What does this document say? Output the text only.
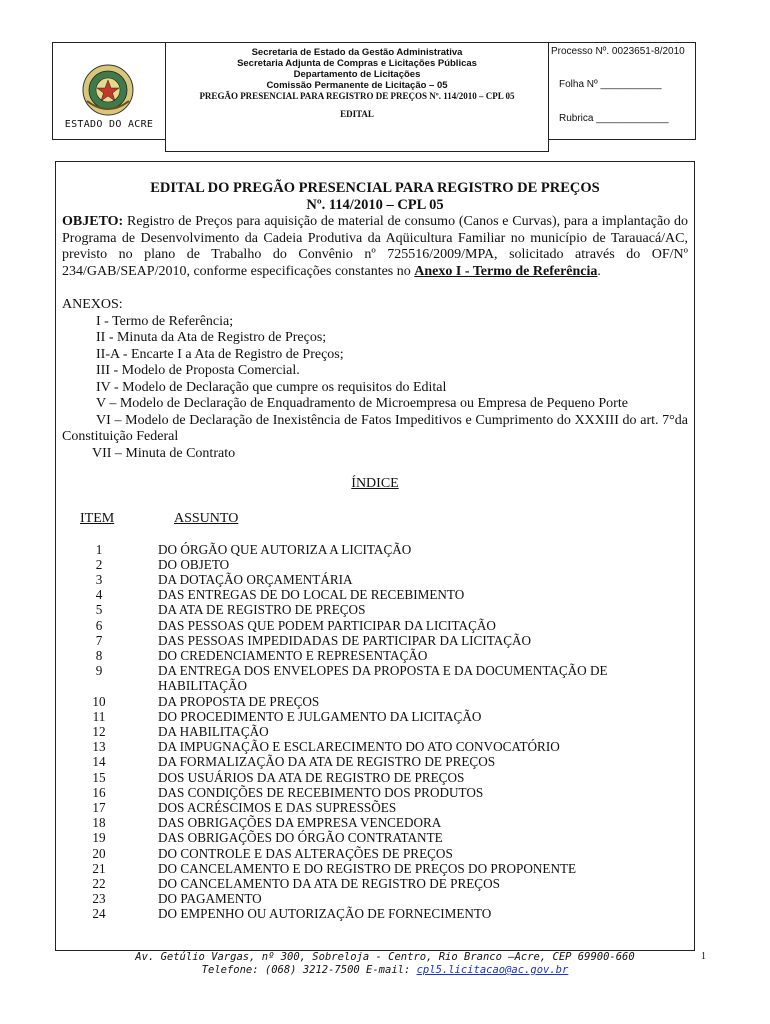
ESTADO DO ACRE
Secretaria de Estado da Gestão Administrativa
Secretaria Adjunta de Compras e Licitações Públicas
Departamento de Licitações
Comissão Permanente de Licitação – 05
PREGÃO PRESENCIAL PARA REGISTRO DE PREÇOS Nº. 114/2010 – CPL 05
EDITAL
Processo Nº. 0023651-8/2010
Folha Nº ___________
Rubrica _____________
EDITAL DO PREGÃO PRESENCIAL PARA REGISTRO DE PREÇOS
Nº. 114/2010 – CPL 05
OBJETO: Registro de Preços para aquisição de material de consumo (Canos e Curvas), para a implantação do Programa de Desenvolvimento da Cadeia Produtiva da Aqüicultura Familiar no município de Tarauacá/AC, previsto no plano de Trabalho do Convênio nº 725516/2009/MPA, solicitado através do OF/Nº 234/GAB/SEAP/2010, conforme especificações constantes no Anexo I - Termo de Referência.
ANEXOS:
I - Termo de Referência;
II - Minuta da Ata de Registro de Preços;
II-A - Encarte I a Ata de Registro de Preços;
III - Modelo de Proposta Comercial.
IV - Modelo de Declaração que cumpre os requisitos do Edital
V – Modelo de Declaração de Enquadramento de Microempresa ou Empresa de Pequeno Porte
VI – Modelo de Declaração de Inexistência de Fatos Impeditivos e Cumprimento do XXXIII do art. 7°da Constituição Federal
VII – Minuta de Contrato
ÍNDICE
ITEM	ASSUNTO
1	DO ÓRGÃO QUE AUTORIZA A LICITAÇÃO
2	DO OBJETO
3	DA DOTAÇÃO ORÇAMENTÁRIA
4	DAS ENTREGAS DE DO LOCAL DE RECEBIMENTO
5	DA ATA DE REGISTRO DE PREÇOS
6	DAS PESSOAS QUE PODEM PARTICIPAR DA LICITAÇÃO
7	DAS PESSOAS IMPEDIDADAS DE PARTICIPAR DA LICITAÇÃO
8	DO CREDENCIAMENTO E REPRESENTAÇÃO
9	DA ENTREGA DOS ENVELOPES DA PROPOSTA E DA DOCUMENTAÇÃO DE HABILITAÇÃO
10	DA PROPOSTA DE PREÇOS
11	DO PROCEDIMENTO E JULGAMENTO DA LICITAÇÃO
12	DA HABILITAÇÃO
13	DA IMPUGNAÇÃO E ESCLARECIMENTO DO ATO CONVOCATÓRIO
14	DA FORMALIZAÇÃO DA ATA DE REGISTRO DE PREÇOS
15	DOS USUÁRIOS DA ATA DE REGISTRO DE PREÇOS
16	DAS CONDIÇÕES DE RECEBIMENTO DOS PRODUTOS
17	DOS ACRÉSCIMOS E DAS SUPRESSÕES
18	DAS OBRIGAÇÕES DA EMPRESA VENCEDORA
19	DAS OBRIGAÇÕES DO ÓRGÃO CONTRATANTE
20	DO CONTROLE E DAS ALTERAÇÕES DE PREÇOS
21	DO CANCELAMENTO E DO REGISTRO DE PREÇOS DO PROPONENTE
22	DO CANCELAMENTO DA ATA DE REGISTRO DE PREÇOS
23	DO PAGAMENTO
24	DO EMPENHO OU AUTORIZAÇÃO DE FORNECIMENTO
Av. Getúlio Vargas, nº 300, Sobreloja - Centro, Rio Branco –Acre, CEP 69900-660
Telefone: (068) 3212-7500 E-mail: cpl5.licitacao@ac.gov.br
1
